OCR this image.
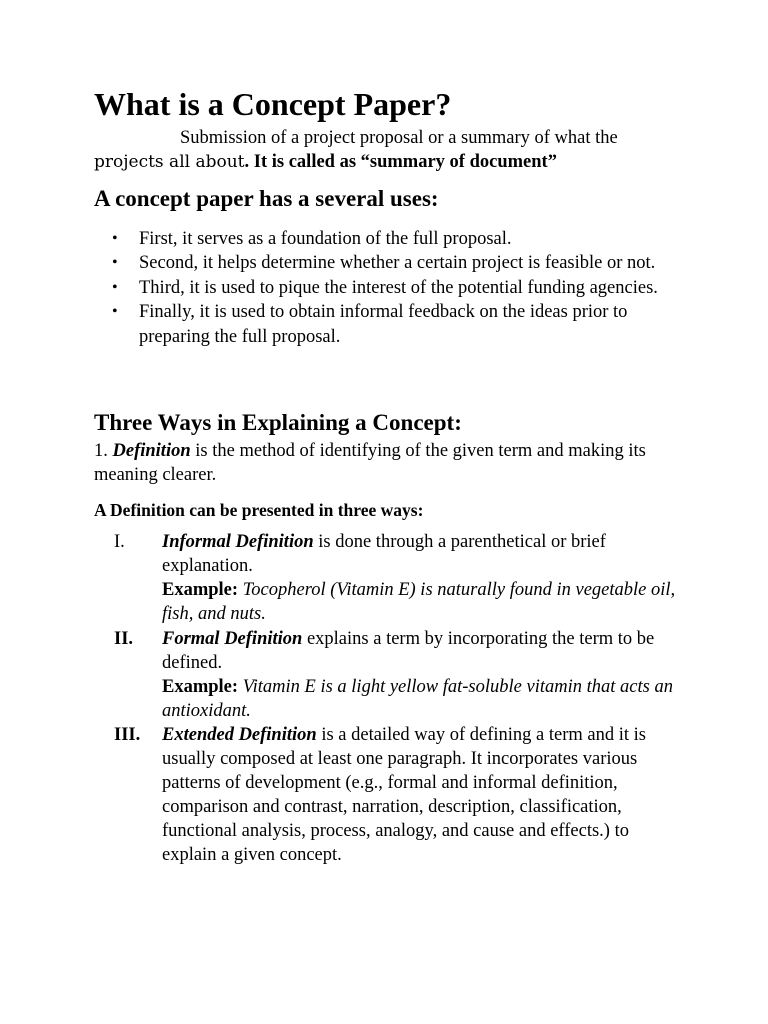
What is a Concept Paper?
Submission of a project proposal or a summary of what the
projects all about. It is called as “summary of document”
A concept paper has a several uses:
• First, it serves as a foundation of the full proposal.
• Second, it helps determine whether a certain project is feasible or not.
• Third, it is used to pique the interest of the potential funding agencies.
• Finally, it is used to obtain informal feedback on the ideas prior to preparing the full proposal.
Three Ways in Explaining a Concept:
1. Definition is the method of identifying of the given term and making its meaning clearer.
A Definition can be presented in three ways:
I. Informal Definition is done through a parenthetical or brief explanation.
Example: Tocopherol (Vitamin E) is naturally found in vegetable oil, fish, and nuts.
II. Formal Definition explains a term by incorporating the term to be defined.
Example: Vitamin E is a light yellow fat-soluble vitamin that acts an antioxidant.
III. Extended Definition is a detailed way of defining a term and it is usually composed at least one paragraph. It incorporates various patterns of development (e.g., formal and informal definition, comparison and contrast, narration, description, classification, functional analysis, process, analogy, and cause and effects.) to explain a given concept.
